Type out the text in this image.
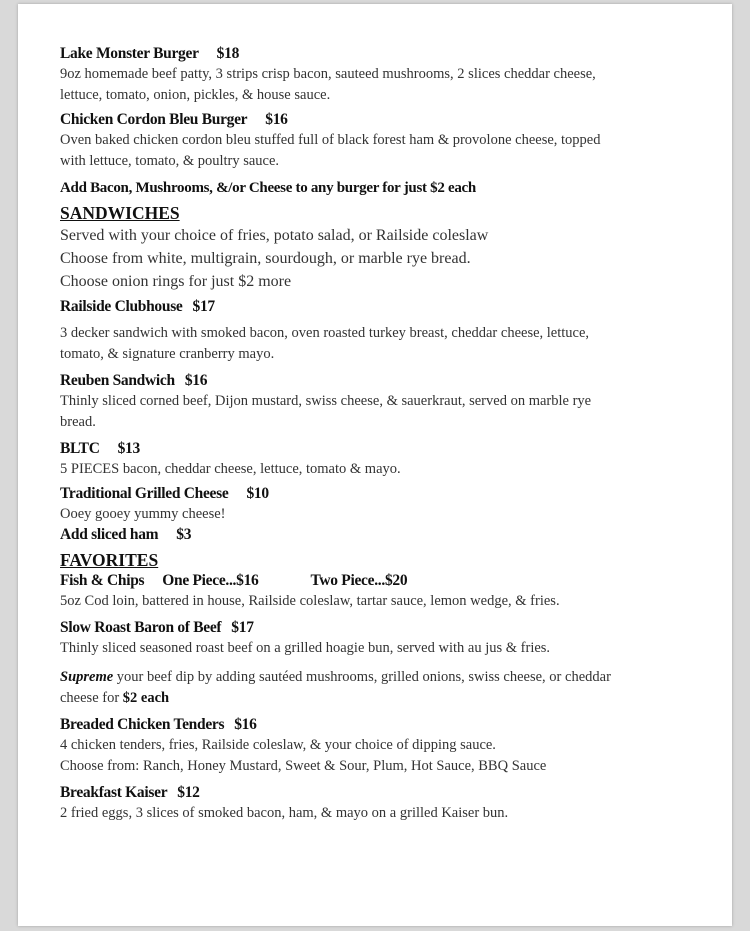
Lake Monster Burger $18
9oz homemade beef patty, 3 strips crisp bacon, sauteed mushrooms, 2 slices cheddar cheese,
lettuce, tomato, onion, pickles, & house sauce.
Chicken Cordon Bleu Burger $16
Oven baked chicken cordon bleu stuffed full of black forest ham & provolone cheese, topped
with lettuce, tomato, & poultry sauce.
Add Bacon, Mushrooms, &/or Cheese to any burger for just $2 each
SANDWICHES
Served with your choice of fries, potato salad, or Railside coleslaw
Choose from white, multigrain, sourdough, or marble rye bread.
Choose onion rings for just $2 more
Railside Clubhouse $17
3 decker sandwich with smoked bacon, oven roasted turkey breast, cheddar cheese, lettuce,
tomato, & signature cranberry mayo.
Reuben Sandwich $16
Thinly sliced corned beef, Dijon mustard, swiss cheese, & sauerkraut, served on marble rye
bread.
BLTC $13
5 PIECES bacon, cheddar cheese, lettuce, tomato & mayo.
Traditional Grilled Cheese $10
Ooey gooey yummy cheese!
Add sliced ham $3
FAVORITES
Fish & Chips One Piece...$16	Two Piece...$20
5oz Cod loin, battered in house, Railside coleslaw, tartar sauce, lemon wedge, & fries.
Slow Roast Baron of Beef $17
Thinly sliced seasoned roast beef on a grilled hoagie bun, served with au jus & fries.
Supreme your beef dip by adding sautéed mushrooms, grilled onions, swiss cheese, or cheddar
cheese for $2 each
Breaded Chicken Tenders $16
4 chicken tenders, fries, Railside coleslaw, & your choice of dipping sauce.
Choose from: Ranch, Honey Mustard, Sweet & Sour, Plum, Hot Sauce, BBQ Sauce
Breakfast Kaiser $12
2 fried eggs, 3 slices of smoked bacon, ham, & mayo on a grilled Kaiser bun.
